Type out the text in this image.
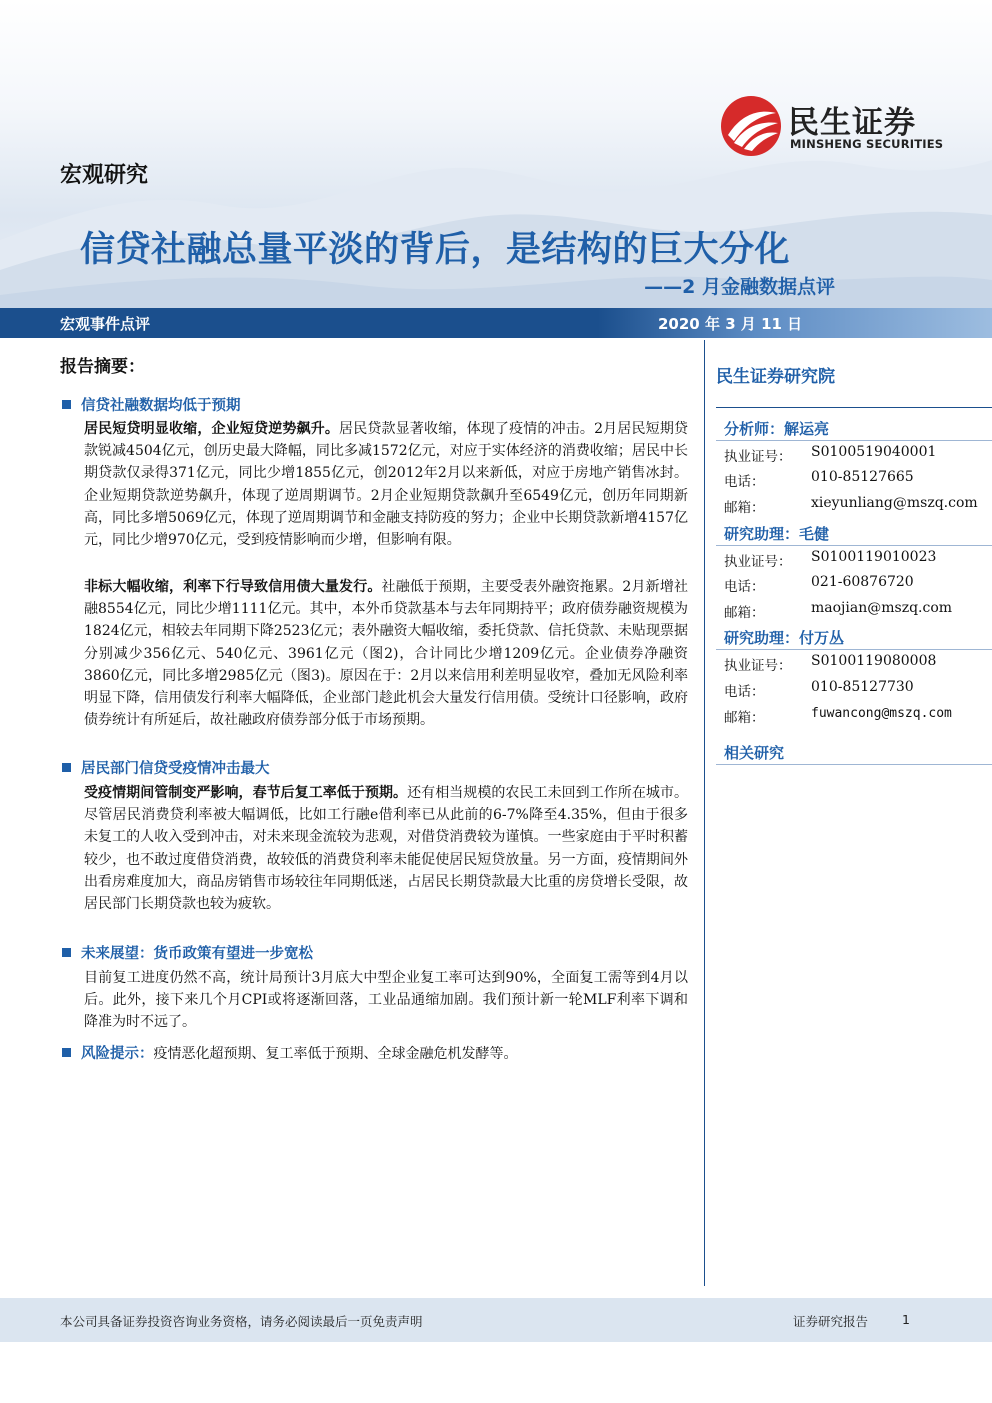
民生证券
MINSHENG SECURITIES
宏观研究
信贷社融总量平淡的背后，是结构的巨大分化
——2 月金融数据点评
宏观事件点评	2020 年 3 月 11 日
报告摘要：
信贷社融数据均低于预期
居民短贷明显收缩，企业短贷逆势飙升。居民贷款显著收缩，体现了疫情的冲击。2月居民短期贷款锐减4504亿元，创历史最大降幅，同比多减1572亿元，对应于实体经济的消费收缩；居民中长期贷款仅录得371亿元，同比少增1855亿元，创2012年2月以来新低，对应于房地产销售冰封。企业短期贷款逆势飙升，体现了逆周期调节。2月企业短期贷款飙升至6549亿元，创历年同期新高，同比多增5069亿元，体现了逆周期调节和金融支持防疫的努力；企业中长期贷款新增4157亿元，同比少增970亿元，受到疫情影响而少增，但影响有限。
非标大幅收缩，利率下行导致信用债大量发行。社融低于预期，主要受表外融资拖累。2月新增社融8554亿元，同比少增1111亿元。其中，本外币贷款基本与去年同期持平；政府债券融资规模为1824亿元，相较去年同期下降2523亿元；表外融资大幅收缩，委托贷款、信托贷款、未贴现票据分别减少356亿元、540亿元、3961亿元（图2)，合计同比少增1209亿元。企业债券净融资3860亿元，同比多增2985亿元（图3)。原因在于：2月以来信用利差明显收窄，叠加无风险利率明显下降，信用债发行利率大幅降低，企业部门趁此机会大量发行信用债。受统计口径影响，政府债券统计有所延后，故社融政府债券部分低于市场预期。
居民部门信贷受疫情冲击最大
受疫情期间管制变严影响，春节后复工率低于预期。还有相当规模的农民工未回到工作所在城市。尽管居民消费贷利率被大幅调低，比如工行融e借利率已从此前的6-7%降至4.35%，但由于很多未复工的人收入受到冲击，对未来现金流较为悲观，对借贷消费较为谨慎。一些家庭由于平时积蓄较少，也不敢过度借贷消费，故较低的消费贷利率未能促使居民短贷放量。另一方面，疫情期间外出看房难度加大，商品房销售市场较往年同期低迷，占居民长期贷款最大比重的房贷增长受限，故居民部门长期贷款也较为疲软。
未来展望：货币政策有望进一步宽松
目前复工进度仍然不高，统计局预计3月底大中型企业复工率可达到90%，全面复工需等到4月以后。此外，接下来几个月CPI或将逐渐回落，工业品通缩加剧。我们预计新一轮MLF利率下调和降准为时不远了。
风险提示：疫情恶化超预期、复工率低于预期、全球金融危机发酵等。
民生证券研究院
分析师：解运亮
执业证号： S0100519040001
电话：	010-85127665
邮箱：	xieyunliang@mszq.com
研究助理：毛健
执业证号： S0100119010023
电话：	021-60876720
邮箱：	maojian@mszq.com
研究助理：付万丛
执业证号： S0100119080008
电话：	010-85127730
邮箱：	fuwancong@mszq.com
相关研究
本公司具备证券投资咨询业务资格，请务必阅读最后一页免责声明	证券研究报告	1
